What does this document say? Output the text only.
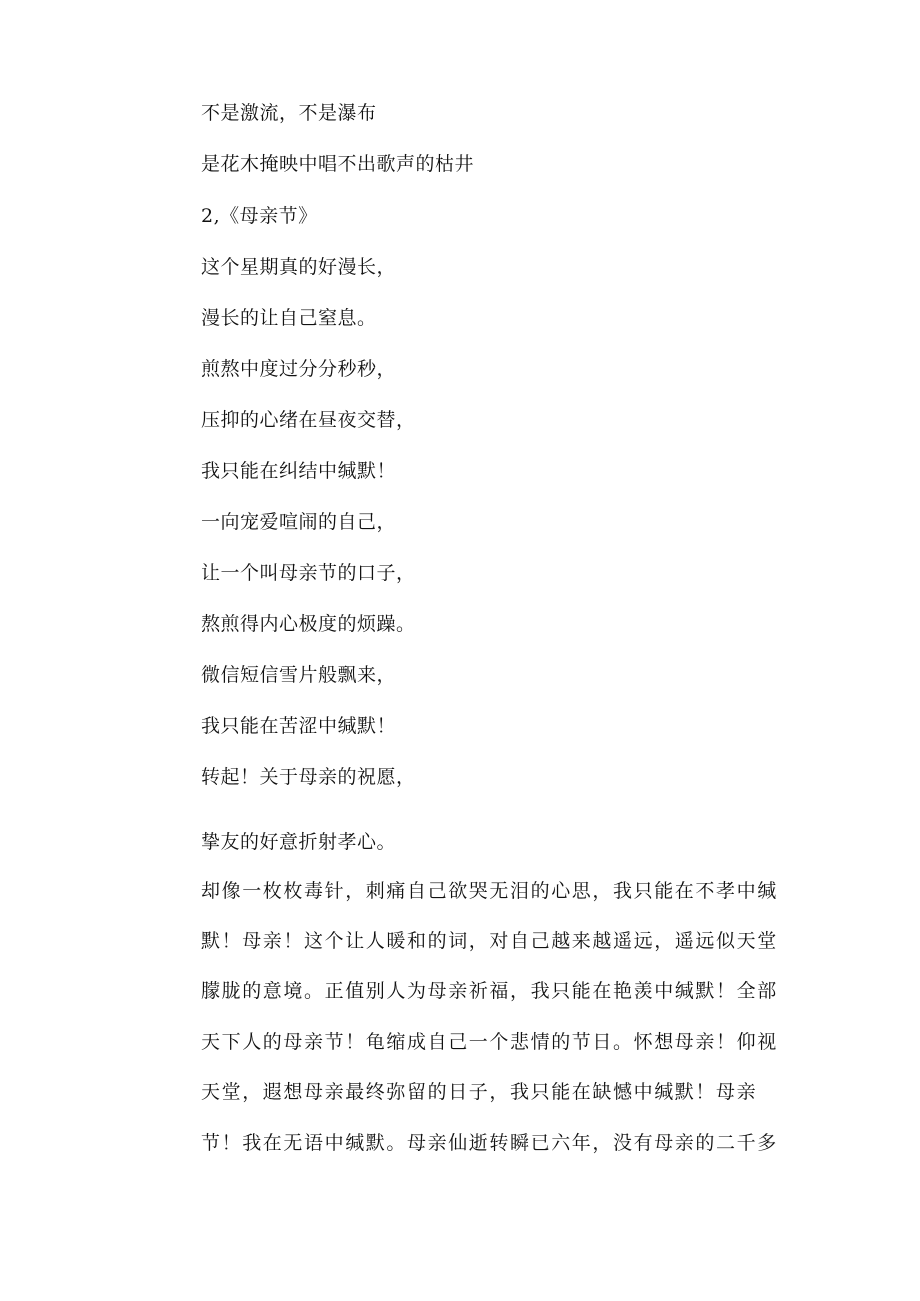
不是激流，不是瀑布
是花木掩映中唱不出歌声的枯井
2,《母亲节》
这个星期真的好漫长，
漫长的让自己窒息。
煎熬中度过分分秒秒，
压抑的心绪在昼夜交替，
我只能在纠结中缄默！
一向宠爱喧闹的自己，
让一个叫母亲节的口子，
熬煎得内心极度的烦躁。
微信短信雪片般飘来，
我只能在苦涩中缄默！
转起！关于母亲的祝愿，
挚友的好意折射孝心。
却像一枚枚毒针，刺痛自己欲哭无泪的心思，我只能在不孝中缄
默！母亲！这个让人暖和的词，对自己越来越遥远，遥远似天堂
朦胧的意境。正值别人为母亲祈福，我只能在艳羡中缄默！全部
天下人的母亲节！龟缩成自己一个悲情的节日。怀想母亲！仰视
天堂，遐想母亲最终弥留的日子，我只能在缺憾中缄默！母亲
节！我在无语中缄默。母亲仙逝转瞬已六年，没有母亲的二千多
